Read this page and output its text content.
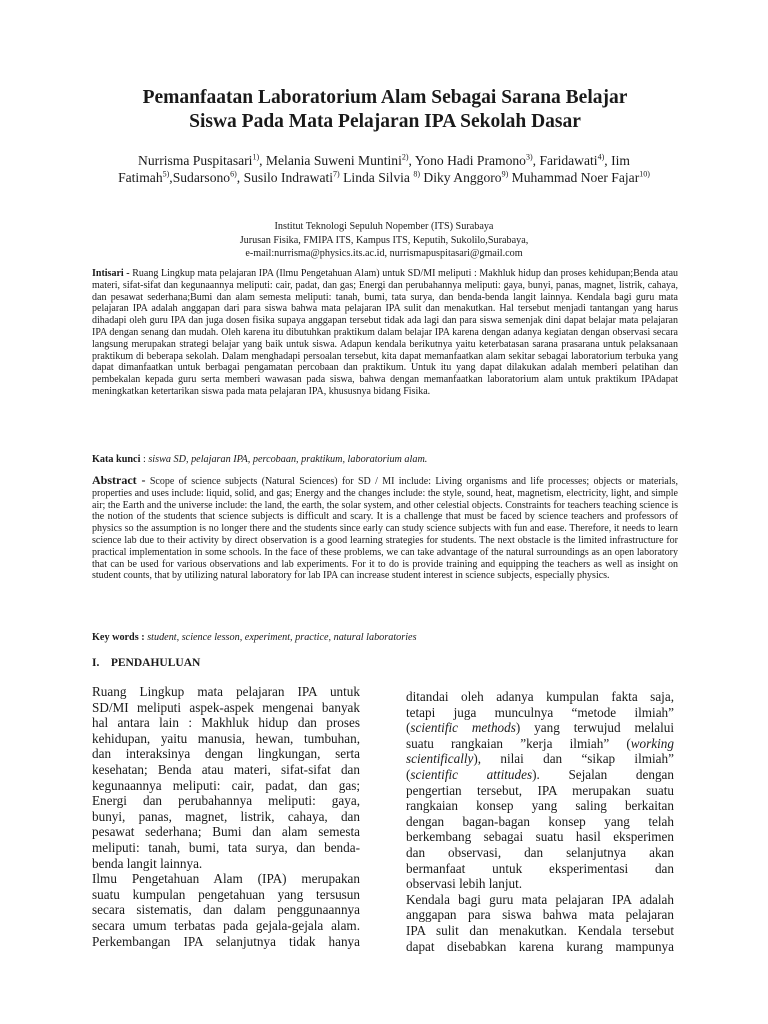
Pemanfaatan Laboratorium Alam Sebagai Sarana Belajar
Siswa Pada Mata Pelajaran IPA Sekolah Dasar
Nurrisma Puspitasari$^{1)}$, Melania Suweni Muntini$^{2)}$, Yono Hadi Pramono$^{3)}$, Faridawati$^{4)}$, Iim Fatimah$^{5)}$,Sudarsono$^{6)}$, Susilo Indrawati$^{7)}$ Linda Silvia $^{8)}$ Diky Anggoro$^{9)}$ Muhammad Noer Fajar$^{10)}$
Institut Teknologi Sepuluh Nopember (ITS) Surabaya
Jurusan Fisika, FMIPA ITS, Kampus ITS, Keputih, Sukolilo,Surabaya,
e-mail:nurrisma@physics.its.ac.id, nurrismapuspitasari@gmail.com
Intisari - Ruang Lingkup mata pelajaran IPA (Ilmu Pengetahuan Alam) untuk SD/MI meliputi : Makhluk hidup dan proses kehidupan;Benda atau materi, sifat-sifat dan kegunaannya meliputi: cair, padat, dan gas; Energi dan perubahannya meliputi: gaya, bunyi, panas, magnet, listrik, cahaya, dan pesawat sederhana;Bumi dan alam semesta meliputi: tanah, bumi, tata surya, dan benda-benda langit lainnya. Kendala bagi guru mata pelajaran IPA adalah anggapan dari para siswa bahwa mata pelajaran IPA sulit dan menakutkan. Hal tersebut menjadi tantangan yang harus dihadapi oleh guru IPA dan juga dosen fisika supaya anggapan tersebut tidak ada lagi dan para siswa semenjak dini dapat belajar mata pelajaran IPA dengan senang dan mudah. Oleh karena itu dibutuhkan praktikum dalam belajar IPA karena dengan adanya kegiatan dengan observasi secara langsung merupakan strategi belajar yang baik untuk siswa. Adapun kendala berikutnya yaitu keterbatasan sarana prasarana untuk pelaksanaan praktikum di beberapa sekolah. Dalam menghadapi persoalan tersebut, kita dapat memanfaatkan alam sekitar sebagai laboratorium terbuka yang dapat dimanfaatkan untuk berbagai pengamatan percobaan dan praktikum. Untuk itu yang dapat dilakukan adalah memberi pelatihan dan pembekalan kepada guru serta memberi wawasan pada siswa, bahwa dengan memanfaatkan laboratorium alam untuk praktikum IPAdapat meningkatkan ketertarikan siswa pada mata pelajaran IPA, khususnya bidang Fisika.
Kata kunci : siswa SD, pelajaran IPA, percobaan, praktikum, laboratorium alam.
Abstract - Scope of science subjects (Natural Sciences) for SD / MI include: Living organisms and life processes; objects or materials, properties and uses include: liquid, solid, and gas; Energy and the changes include: the style, sound, heat, magnetism, electricity, light, and simple air; the Earth and the universe include: the land, the earth, the solar system, and other celestial objects. Constraints for teachers teaching science is the notion of the students that science subjects is difficult and scary. It is a challenge that must be faced by science teachers and professors of physics so the assumption is no longer there and the students since early can study science subjects with fun and ease. Therefore, it needs to learn science lab due to their activity by direct observation is a good learning strategies for students. The next obstacle is the limited infrastructure for practical implementation in some schools. In the face of these problems, we can take advantage of the natural surroundings as an open laboratory that can be used for various observations and lab experiments. For it to do is provide training and equipping the teachers as well as insight on student counts, that by utilizing natural laboratory for lab IPA can increase student interest in science subjects, especially physics.
Key words : student, science lesson, experiment, practice, natural laboratories
I. PENDAHULUAN
Ruang Lingkup mata pelajaran IPA untuk
SD/MI meliputi aspek-aspek mengenai banyak
hal antara lain : Makhluk hidup dan proses
kehidupan, yaitu manusia, hewan, tumbuhan,
dan interaksinya dengan lingkungan, serta
kesehatan; Benda atau materi, sifat-sifat dan
kegunaannya meliputi: cair, padat, dan gas;
Energi dan perubahannya meliputi: gaya,
bunyi, panas, magnet, listrik, cahaya, dan
pesawat sederhana; Bumi dan alam semesta
meliputi: tanah, bumi, tata surya, dan benda-
benda langit lainnya.
Ilmu Pengetahuan Alam (IPA) merupakan
suatu kumpulan pengetahuan yang tersusun
secara sistematis, dan dalam penggunaannya
secara umum terbatas pada gejala-gejala alam.
Perkembangan IPA selanjutnya tidak hanya
ditandai oleh adanya kumpulan fakta saja,
tetapi juga munculnya “metode ilmiah”
(scientific methods) yang terwujud melalui
suatu rangkaian ”kerja ilmiah” (working
scientifically), nilai dan “sikap ilmiah”
(scientific attitudes). Sejalan dengan
pengertian tersebut, IPA merupakan suatu
rangkaian konsep yang saling berkaitan
dengan bagan-bagan konsep yang telah
berkembang sebagai suatu hasil eksperimen
dan observasi, dan selanjutnya akan
bermanfaat untuk eksperimentasi dan
observasi lebih lanjut.
Kendala bagi guru mata pelajaran IPA adalah
anggapan para siswa bahwa mata pelajaran
IPA sulit dan menakutkan. Kendala tersebut
dapat disebabkan karena kurang mampunya
